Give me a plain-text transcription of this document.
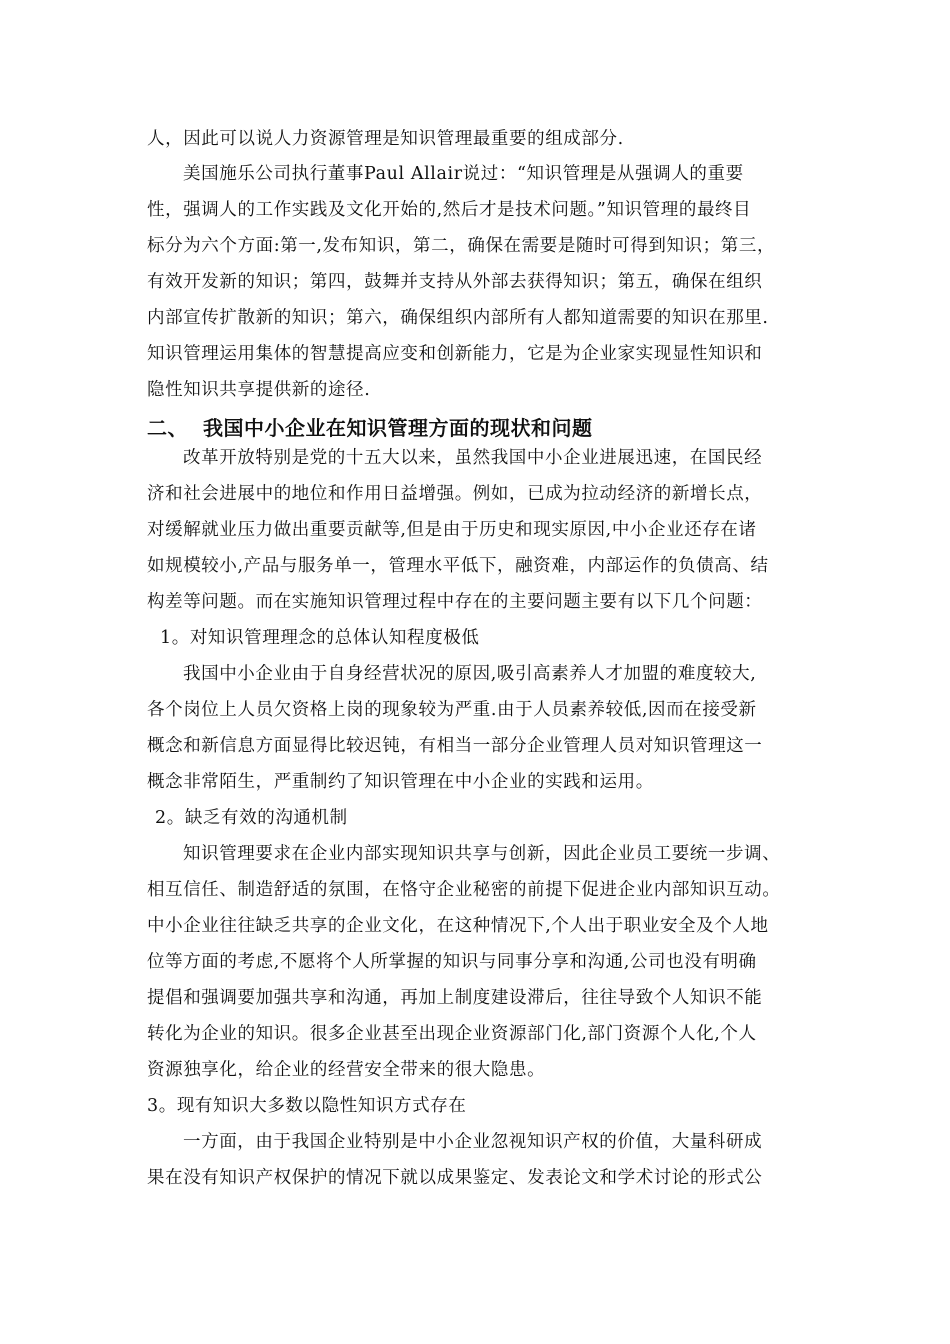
人，因此可以说人力资源管理是知识管理最重要的组成部分.
美国施乐公司执行董事Paul Allair说过：“知识管理是从强调人的重要
性，强调人的工作实践及文化开始的,然后才是技术问题。”知识管理的最终目
标分为六个方面:第一,发布知识，第二，确保在需要是随时可得到知识；第三，
有效开发新的知识；第四，鼓舞并支持从外部去获得知识；第五，确保在组织
内部宣传扩散新的知识；第六，确保组织内部所有人都知道需要的知识在那里.
知识管理运用集体的智慧提高应变和创新能力，它是为企业家实现显性知识和
隐性知识共享提供新的途径.
二、 我国中小企业在知识管理方面的现状和问题
改革开放特别是党的十五大以来，虽然我国中小企业进展迅速，在国民经
济和社会进展中的地位和作用日益增强。例如，已成为拉动经济的新增长点，
对缓解就业压力做出重要贡献等,但是由于历史和现实原因,中小企业还存在诸
如规模较小,产品与服务单一，管理水平低下，融资难，内部运作的负债高、结
构差等问题。而在实施知识管理过程中存在的主要问题主要有以下几个问题：
1。对知识管理理念的总体认知程度极低
我国中小企业由于自身经营状况的原因,吸引高素养人才加盟的难度较大,
各个岗位上人员欠资格上岗的现象较为严重.由于人员素养较低,因而在接受新
概念和新信息方面显得比较迟钝，有相当一部分企业管理人员对知识管理这一
概念非常陌生，严重制约了知识管理在中小企业的实践和运用。
2。缺乏有效的沟通机制
知识管理要求在企业内部实现知识共享与创新，因此企业员工要统一步调、
相互信任、制造舒适的氛围，在恪守企业秘密的前提下促进企业内部知识互动。
中小企业往往缺乏共享的企业文化，在这种情况下,个人出于职业安全及个人地
位等方面的考虑,不愿将个人所掌握的知识与同事分享和沟通,公司也没有明确
提倡和强调要加强共享和沟通，再加上制度建设滞后，往往导致个人知识不能
转化为企业的知识。很多企业甚至出现企业资源部门化,部门资源个人化,个人
资源独享化，给企业的经营安全带来的很大隐患。
3。现有知识大多数以隐性知识方式存在
一方面，由于我国企业特别是中小企业忽视知识产权的价值，大量科研成
果在没有知识产权保护的情况下就以成果鉴定、发表论文和学术讨论的形式公
